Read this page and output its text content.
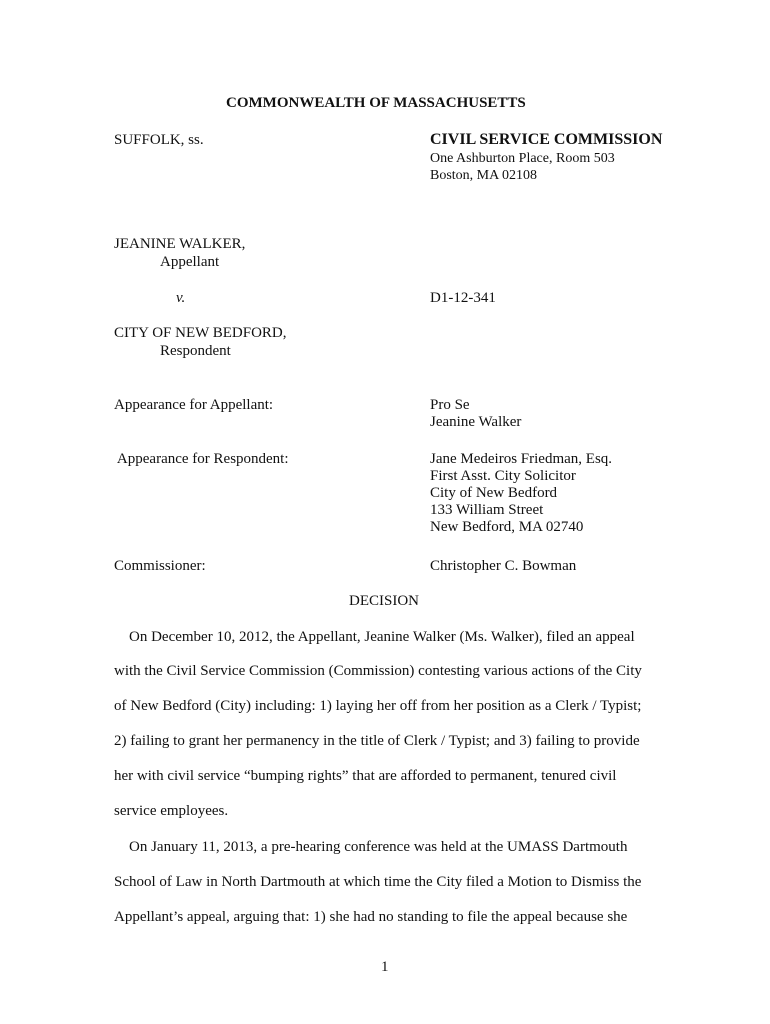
COMMONWEALTH OF MASSACHUSETTS
SUFFOLK, ss.	CIVIL SERVICE COMMISSION
One Ashburton Place, Room 503
Boston, MA 02108
JEANINE WALKER,
Appellant
v.	D1-12-341
CITY OF NEW BEDFORD,
Respondent
Appearance for Appellant:	Pro Se
Jeanine Walker
Appearance for Respondent:	Jane Medeiros Friedman, Esq.
First Asst. City Solicitor
City of New Bedford
133 William Street
New Bedford, MA 02740
Commissioner:	Christopher C. Bowman
DECISION
On December 10, 2012, the Appellant, Jeanine Walker (Ms. Walker), filed an appeal
with the Civil Service Commission (Commission) contesting various actions of the City
of New Bedford (City) including: 1) laying her off from her position as a Clerk / Typist;
2) failing to grant her permanency in the title of Clerk / Typist; and 3) failing to provide
her with civil service “bumping rights” that are afforded to permanent, tenured civil
service employees.
On January 11, 2013, a pre-hearing conference was held at the UMASS Dartmouth
School of Law in North Dartmouth at which time the City filed a Motion to Dismiss the
Appellant’s appeal, arguing that: 1) she had no standing to file the appeal because she
1
